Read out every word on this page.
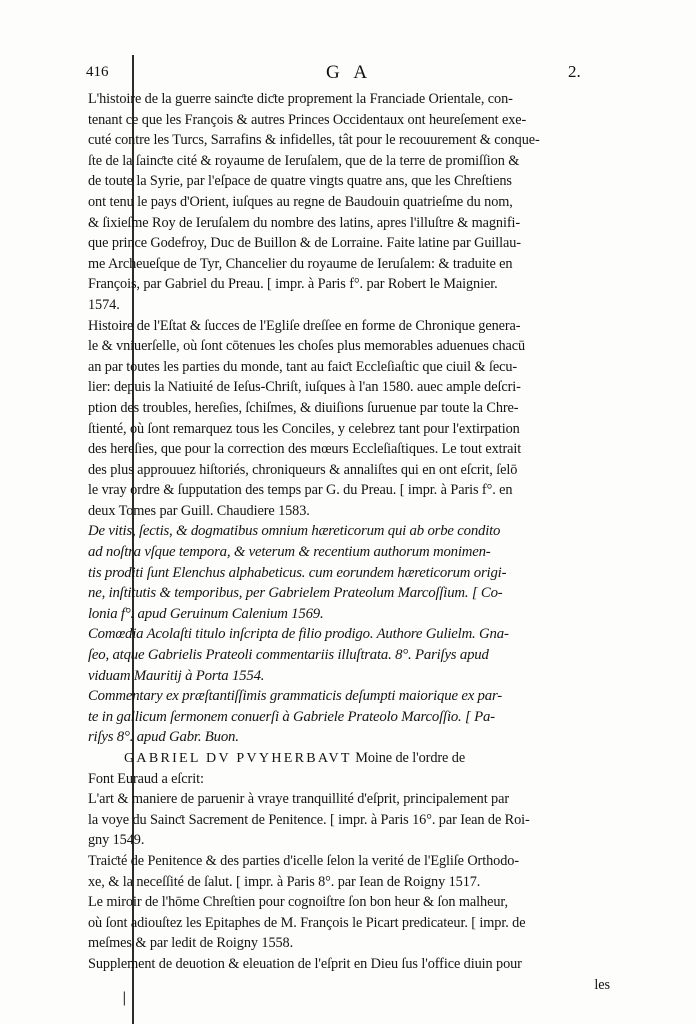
|
416	G A	2.
L'histoire de la guerre sainƈte diƈte proprement la Franciade Orientale, con-
tenant ce que les François & autres Princes Occidentaux ont heureſement exe-
cuté contre les Turcs, Sarrafins & infidelles, tât pour le recouurement & conque-
ſte de la ſainƈte cité & royaume de Ieruſalem, que de la terre de promiſſion &
de toute la Syrie, par l'eſpace de quatre vingts quatre ans, que les Chreſtiens
ont tenu le pays d'Orient, iuſques au regne de Baudouin quatrieſme du nom,
& ſixieſme Roy de Ieruſalem du nombre des latins, apres l'illuſtre & magnifi-
que prince Godefroy, Duc de Buillon & de Lorraine. Faite latine par Guillau-
me Archeueſque de Tyr, Chancelier du royaume de Ieruſalem: & traduite en
François, par Gabriel du Preau. [ impr. à Paris f°. par Robert le Maignier.
1574.
Histoire de l'Eſtat & ſucces de l'Egliſe dreſſee en forme de Chronique genera-
le & vniuerſelle, où ſont cōtenues les choſes plus memorables aduenues chacū
an par toutes les parties du monde, tant au faiƈt Eccleſiaſtic que ciuil & ſecu-
lier: depuis la Natiuité de Ieſus-Chriſt, iuſques à l'an 1580. auec ample deſcri-
ption des troubles, hereſies, ſchiſmes, & diuiſions ſuruenue par toute la Chre-
ſtienté, où ſont remarquez tous les Conciles, y celebrez tant pour l'extirpation
des hereſies, que pour la correction des mœurs Eccleſiaſtiques. Le tout extrait
des plus approuuez hiſtoriés, chroniqueurs & annaliſtes qui en ont eſcrit, ſelō
le vray ordre & ſupputation des temps par G. du Preau. [ impr. à Paris f°. en
deux Tomes par Guill. Chaudiere 1583.
De vitis, ſectis, & dogmatibus omnium hæreticorum qui ab orbe condito
ad noſtra vſque tempora, & veterum & recentium authorum monimen-
tis proditi ſunt Elenchus alphabeticus. cum eorundem hæreticorum origi-
ne, inſtitutis & temporibus, per Gabrielem Prateolum Marcoſſium. [ Co-
lonia f°. apud Geruinum Calenium 1569.
Comœdia Acolaſti titulo inſcripta de filio prodigo. Authore Gulielm. Gna-
ſeo, atque Gabrielis Prateoli commentariis illuſtrata. 8°. Pariſys apud
viduam Mauritij à Porta 1554.
Commentary ex præſtantiſſimis grammaticis deſumpti maiorique ex par-
te in gallicum ſermonem conuerſi à Gabriele Prateolo Marcoſſio. [ Pa-
riſys 8°. apud Gabr. Buon.
GABRIEL DV PVYHERBAVT Moine de l'ordre de
Font Euraud a eſcrit:
L'art & maniere de paruenir à vraye tranquillité d'eſprit, principalement par
la voye du Sainƈt Sacrement de Penitence. [ impr. à Paris 16°. par Iean de Roi-
gny 1549.
Traiƈté de Penitence & des parties d'icelle ſelon la verité de l'Egliſe Orthodo-
xe, & la neceſſité de ſalut. [ impr. à Paris 8°. par Iean de Roigny 1517.
Le miroir de l'hōme Chreſtien pour cognoiſtre ſon bon heur & ſon malheur,
où ſont adiouſtez les Epitaphes de M. François le Picart predicateur. [ impr. de
meſmes & par ledit de Roigny 1558.
Supplement de deuotion & eleuation de l'eſprit en Dieu ſus l'office diuin pour
les
